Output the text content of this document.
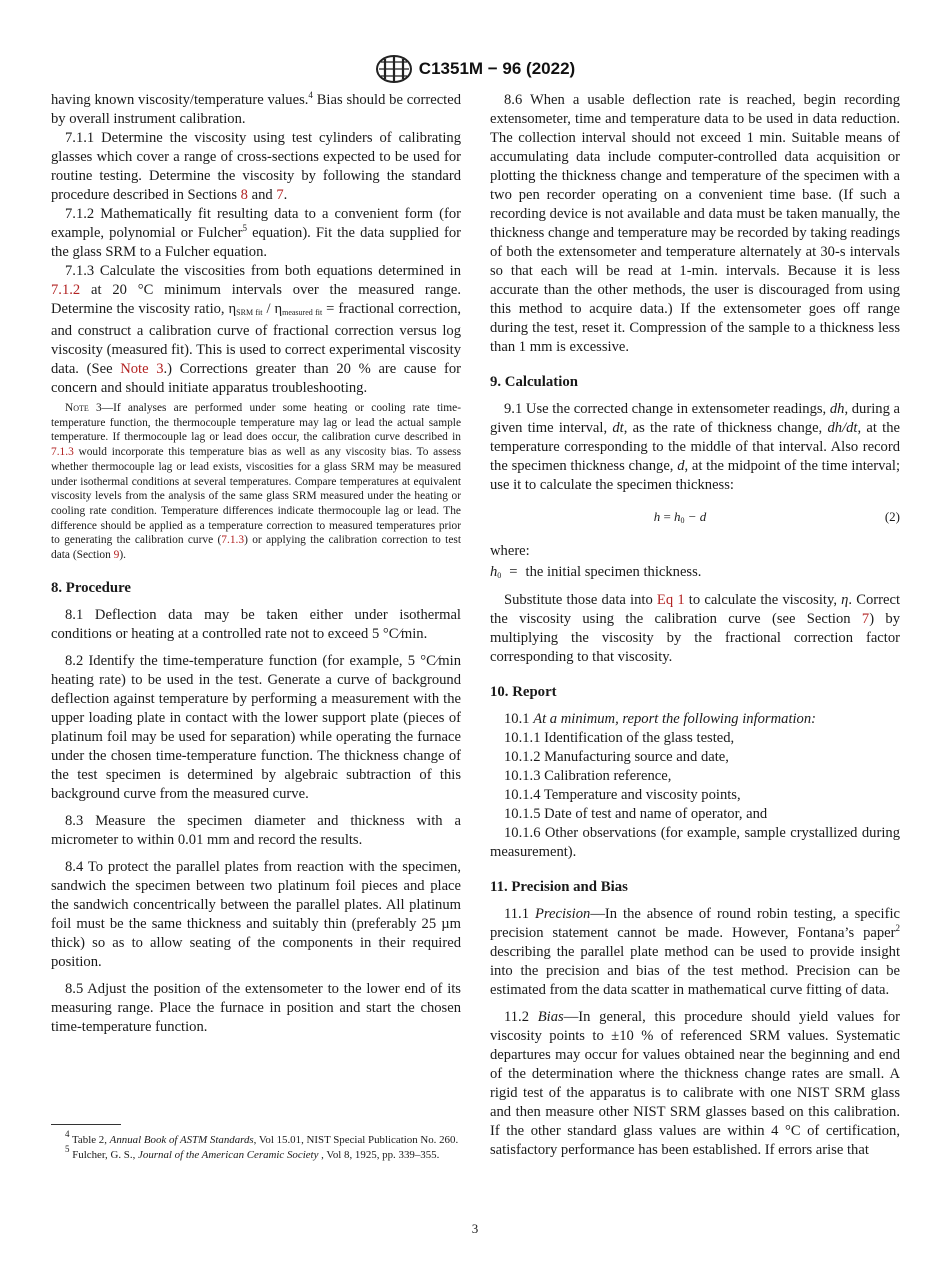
C1351M − 96 (2022)

having known viscosity/temperature values.$^4$ Bias should be corrected by overall instrument calibration.

7.1.1 Determine the viscosity using test cylinders of calibrating glasses which cover a range of cross-sections expected to be used for routine testing. Determine the viscosity by following the standard procedure described in Sections 8 and 7.

7.1.2 Mathematically fit resulting data to a convenient form (for example, polynomial or Fulcher$^5$ equation). Fit the data supplied for the glass SRM to a Fulcher equation.

7.1.3 Calculate the viscosities from both equations determined in 7.1.2 at 20 °C minimum intervals over the measured range. Determine the viscosity ratio, ηSRM fit / ηmeasured fit = fractional correction, and construct a calibration curve of fractional correction versus log viscosity (measured fit). This is used to correct experimental viscosity data. (See Note 3.) Corrections greater than 20 % are cause for concern and should initiate apparatus troubleshooting.

Note 3—If analyses are performed under some heating or cooling rate time-temperature function, the thermocouple temperature may lag or lead the actual sample temperature. If thermocouple lag or lead does occur, the calibration curve described in 7.1.3 would incorporate this temperature bias as well as any viscosity bias. To assess whether thermocouple lag or lead exists, viscosities for a glass SRM may be measured under isothermal conditions at several temperatures. Compare temperatures at equivalent viscosity levels from the analysis of the same glass SRM measured under the heating or cooling rate condition. Temperature differences indicate thermocouple lag or lead. The difference should be applied as a temperature correction to measured temperatures prior to generating the calibration curve (7.1.3) or applying the calibration correction to test data (Section 9).

8. Procedure

8.1 Deflection data may be taken either under isothermal conditions or heating at a controlled rate not to exceed 5 °C⁄min.

8.2 Identify the time-temperature function (for example, 5 °C⁄min heating rate) to be used in the test. Generate a curve of background deflection against temperature by performing a measurement with the upper loading plate in contact with the lower support plate (pieces of platinum foil may be used for separation) while operating the furnace under the chosen time-temperature function. The thickness change of the test specimen is determined by algebraic subtraction of this background curve from the measured curve.

8.3 Measure the specimen diameter and thickness with a micrometer to within 0.01 mm and record the results.

8.4 To protect the parallel plates from reaction with the specimen, sandwich the specimen between two platinum foil pieces and place the sandwich concentrically between the parallel plates. All platinum foil must be the same thickness and suitably thin (preferably 25 µm thick) so as to allow seating of the components in their required position.

8.5 Adjust the position of the extensometer to the lower end of its measuring range. Place the furnace in position and start the chosen time-temperature function.

$^4$ Table 2, Annual Book of ASTM Standards, Vol 15.01, NIST Special Publication No. 260.

$^5$ Fulcher, G. S., Journal of the American Ceramic Society , Vol 8, 1925, pp. 339–355.

8.6 When a usable deflection rate is reached, begin recording extensometer, time and temperature data to be used in data reduction. The collection interval should not exceed 1 min. Suitable means of accumulating data include computer-controlled data acquisition or plotting the thickness change and temperature of the specimen with a two pen recorder operating on a convenient time base. (If such a recording device is not available and data must be taken manually, the thickness change and temperature may be recorded by taking readings of both the extensometer and temperature alternately at 30-s intervals so that each will be read at 1-min. intervals. Because it is less accurate than the other methods, the user is discouraged from using this method to acquire data.) If the extensometer goes off range during the test, reset it. Compression of the sample to a thickness less than 1 mm is excessive.

9. Calculation

9.1 Use the corrected change in extensometer readings, dh, during a given time interval, dt, as the rate of thickness change, dh/dt, at the temperature corresponding to the middle of that interval. Also record the specimen thickness change, d, at the midpoint of the time interval; use it to calculate the specimen thickness:

h = h0 − d	(2)

where:

h0 = the initial specimen thickness.

Substitute those data into Eq 1 to calculate the viscosity, η. Correct the viscosity using the calibration curve (see Section 7) by multiplying the viscosity by the fractional correction factor corresponding to that viscosity.

10. Report

10.1 At a minimum, report the following information:

10.1.1 Identification of the glass tested,

10.1.2 Manufacturing source and date,

10.1.3 Calibration reference,

10.1.4 Temperature and viscosity points,

10.1.5 Date of test and name of operator, and

10.1.6 Other observations (for example, sample crystallized during measurement).

11. Precision and Bias

11.1 Precision—In the absence of round robin testing, a specific precision statement cannot be made. However, Fontana’s paper$^2$ describing the parallel plate method can be used to provide insight into the precision and bias of the test method. Precision can be estimated from the data scatter in mathematical curve fitting of data.

11.2 Bias—In general, this procedure should yield values for viscosity points to ±10 % of referenced SRM values. Systematic departures may occur for values obtained near the beginning and end of the determination where the thickness change rates are small. A rigid test of the apparatus is to calibrate with one NIST SRM glass and then measure other NIST SRM glasses based on this calibration. If the other standard glass values are within 4 °C of certification, satisfactory performance has been established. If errors arise that

3
